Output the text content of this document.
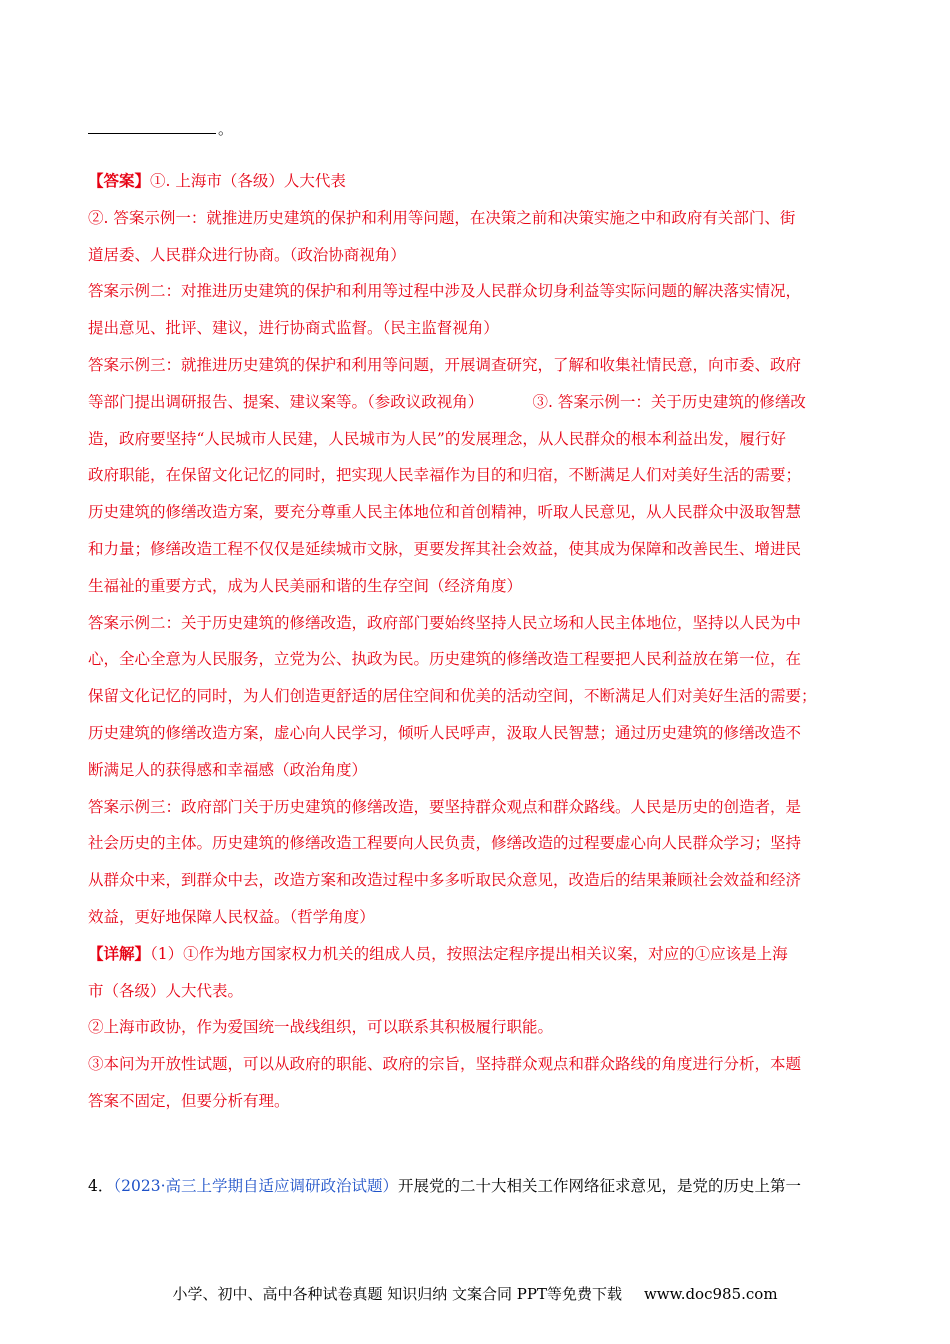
。
【答案】①. 上海市（各级）人大代表
②. 答案示例一：就推进历史建筑的保护和利用等问题，在决策之前和决策实施之中和政府有关部门、街
道居委、人民群众进行协商。（政治协商视角）
答案示例二：对推进历史建筑的保护和利用等过程中涉及人民群众切身利益等实际问题的解决落实情况，
提出意见、批评、建议，进行协商式监督。（民主监督视角）
答案示例三：就推进历史建筑的保护和利用等问题，开展调查研究，了解和收集社情民意，向市委、政府
等部门提出调研报告、提案、建议案等。（参政议政视角）          ③. 答案示例一：关于历史建筑的修缮改
造，政府要坚持“人民城市人民建，人民城市为人民”的发展理念，从人民群众的根本利益出发，履行好
政府职能，在保留文化记忆的同时，把实现人民幸福作为目的和归宿，不断满足人们对美好生活的需要；
历史建筑的修缮改造方案，要充分尊重人民主体地位和首创精神，听取人民意见，从人民群众中汲取智慧
和力量；修缮改造工程不仅仅是延续城市文脉，更要发挥其社会效益，使其成为保障和改善民生、增进民
生福祉的重要方式，成为人民美丽和谐的生存空间（经济角度）
答案示例二：关于历史建筑的修缮改造，政府部门要始终坚持人民立场和人民主体地位，坚持以人民为中
心，全心全意为人民服务，立党为公、执政为民。历史建筑的修缮改造工程要把人民利益放在第一位，在
保留文化记忆的同时，为人们创造更舒适的居住空间和优美的活动空间，不断满足人们对美好生活的需要；
历史建筑的修缮改造方案，虚心向人民学习，倾听人民呼声，汲取人民智慧；通过历史建筑的修缮改造不
断满足人的获得感和幸福感（政治角度）
答案示例三：政府部门关于历史建筑的修缮改造，要坚持群众观点和群众路线。人民是历史的创造者，是
社会历史的主体。历史建筑的修缮改造工程要向人民负责，修缮改造的过程要虚心向人民群众学习；坚持
从群众中来，到群众中去，改造方案和改造过程中多多听取民众意见，改造后的结果兼顾社会效益和经济
效益，更好地保障人民权益。（哲学角度）
【详解】（1）①作为地方国家权力机关的组成人员，按照法定程序提出相关议案，对应的①应该是上海
市（各级）人大代表。
②上海市政协，作为爱国统一战线组织，可以联系其积极履行职能。
③本问为开放性试题，可以从政府的职能、政府的宗旨，坚持群众观点和群众路线的角度进行分析，本题
答案不固定，但要分析有理。
4．（2023·高三上学期自适应调研政治试题）开展党的二十大相关工作网络征求意见，是党的历史上第一
小学、初中、高中各种试卷真题 知识归纳 文案合同 PPT等免费下载 www.doc985.com
